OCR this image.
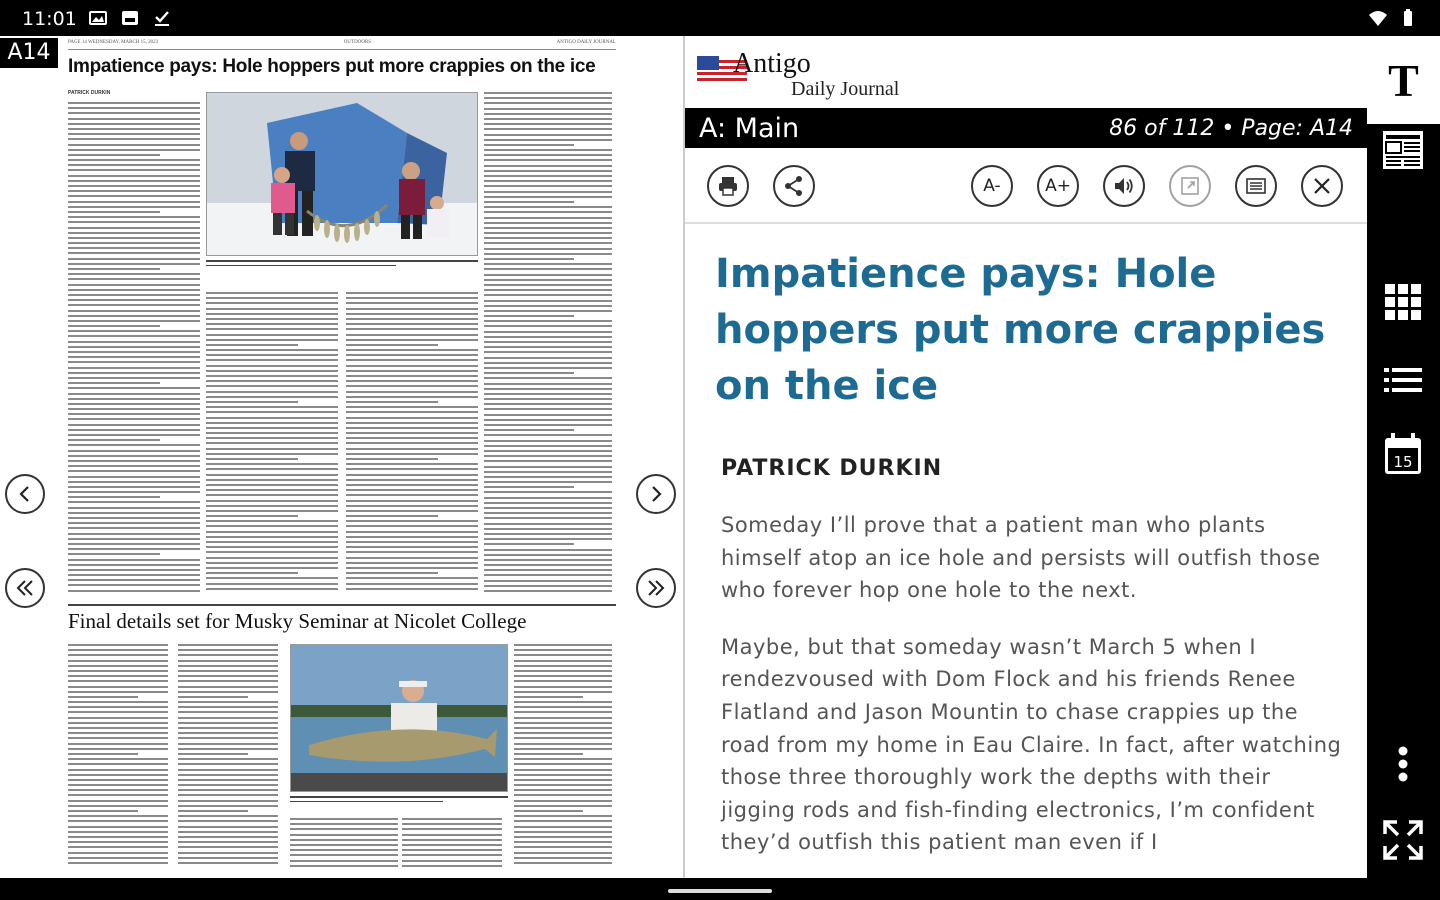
11:01
A14	PAGE 14 WEDNESDAY, MARCH 15, 2023	OUTDOORS	ANTIGO DAILY JOURNAL
Impatience pays: Hole hoppers put more crappies on the ice
PATRICK DURKIN
Final details set for Musky Seminar at Nicolet College
Antigo
Daily Journal
A: Main	86 of 112 • Page: A14
A-	A+
Impatience pays: Hole hoppers put more crappies on the ice
PATRICK DURKIN

Someday I’ll prove that a patient man who plants himself atop an ice hole and persists will outfish those who forever hop one hole to the next.

Maybe, but that someday wasn’t March 5 when I rendezvoused with Dom Flock and his friends Renee Flatland and Jason Mountin to chase crappies up the road from my home in Eau Claire. In fact, after watching those three thoroughly work the depths with their jigging rods and fish-finding electronics, I’m confident they’d outfish this patient man even if I

T
15
